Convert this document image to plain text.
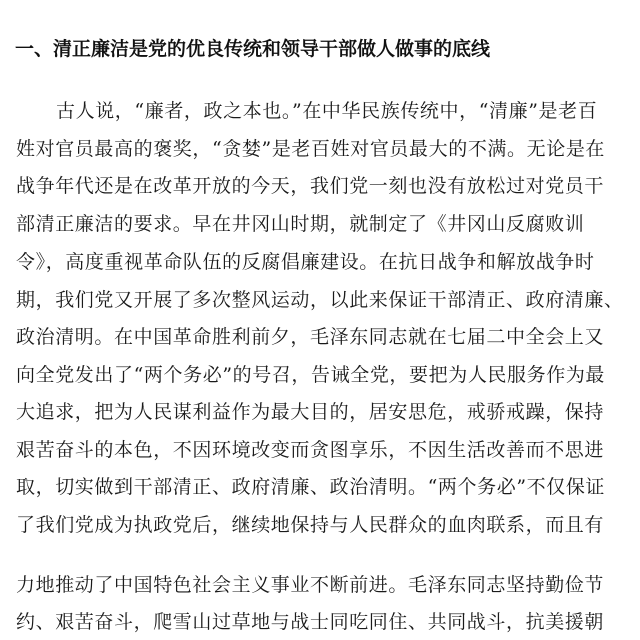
一、清正廉洁是党的优良传统和领导干部做人做事的底线
古人说，“廉者，政之本也。”在中华民族传统中，“清廉”是老百
姓对官员最高的褒奖，“贪婪”是老百姓对官员最大的不满。无论是在
战争年代还是在改革开放的今天，我们党一刻也没有放松过对党员干
部清正廉洁的要求。早在井冈山时期，就制定了《井冈山反腐败训
令》，高度重视革命队伍的反腐倡廉建设。在抗日战争和解放战争时
期，我们党又开展了多次整风运动，以此来保证干部清正、政府清廉、
政治清明。在中国革命胜利前夕，毛泽东同志就在七届二中全会上又
向全党发出了“两个务必”的号召，告诫全党，要把为人民服务作为最
大追求，把为人民谋利益作为最大目的，居安思危，戒骄戒躁，保持
艰苦奋斗的本色，不因环境改变而贪图享乐，不因生活改善而不思进
取，切实做到干部清正、政府清廉、政治清明。“两个务必”不仅保证
了我们党成为执政党后，继续地保持与人民群众的血肉联系，而且有
力地推动了中国特色社会主义事业不断前进。毛泽东同志坚持勤俭节
约、艰苦奋斗，爬雪山过草地与战士同吃同住、共同战斗，抗美援朝
